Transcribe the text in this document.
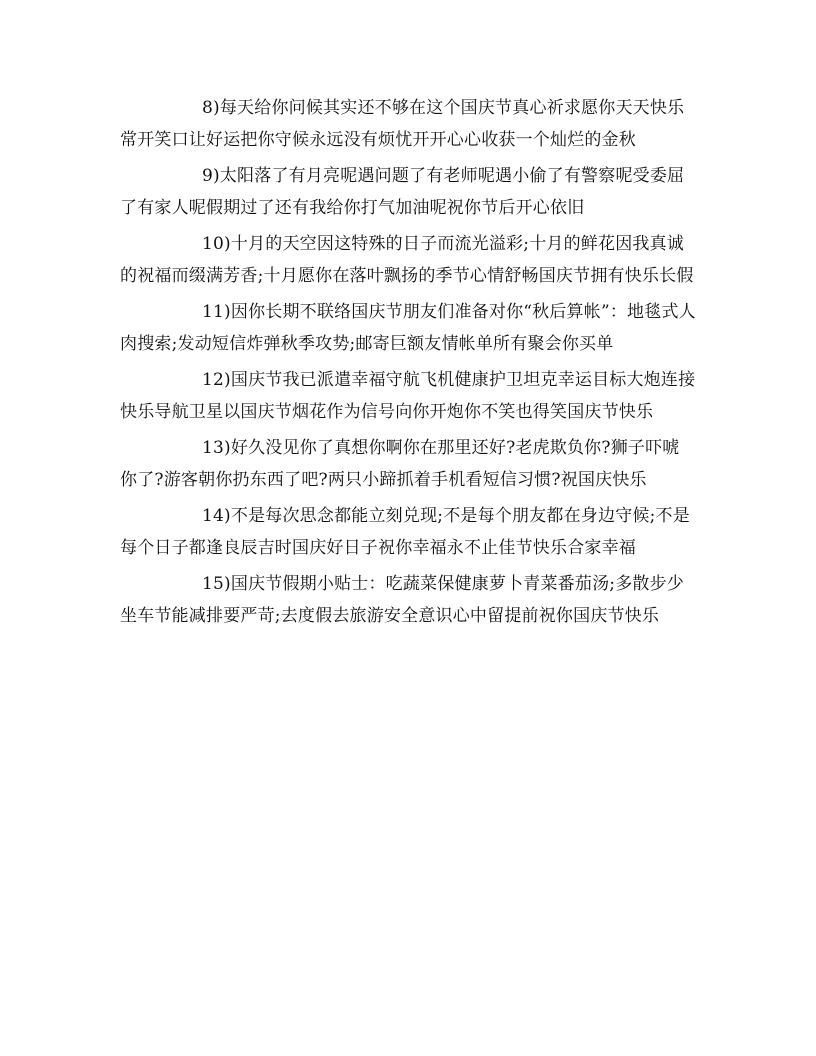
8)每天给你问候其实还不够在这个国庆节真心祈求愿你天天快乐常开笑口让好运把你守候永远没有烦忧开开心心收获一个灿烂的金秋

9)太阳落了有月亮呢遇问题了有老师呢遇小偷了有警察呢受委屈了有家人呢假期过了还有我给你打气加油呢祝你节后开心依旧

10)十月的天空因这特殊的日子而流光溢彩;十月的鲜花因我真诚的祝福而缀满芳香;十月愿你在落叶飘扬的季节心情舒畅国庆节拥有快乐长假

11)因你长期不联络国庆节朋友们准备对你“秋后算帐”：地毯式人肉搜索;发动短信炸弹秋季攻势;邮寄巨额友情帐单所有聚会你买单

12)国庆节我已派遣幸福守航飞机健康护卫坦克幸运目标大炮连接快乐导航卫星以国庆节烟花作为信号向你开炮你不笑也得笑国庆节快乐

13)好久没见你了真想你啊你在那里还好?老虎欺负你?狮子吓唬你了?游客朝你扔东西了吧?两只小蹄抓着手机看短信习惯?祝国庆快乐

14)不是每次思念都能立刻兑现;不是每个朋友都在身边守候;不是每个日子都逢良辰吉时国庆好日子祝你幸福永不止佳节快乐合家幸福

15)国庆节假期小贴士：吃蔬菜保健康萝卜青菜番茄汤;多散步少坐车节能减排要严苛;去度假去旅游安全意识心中留提前祝你国庆节快乐
